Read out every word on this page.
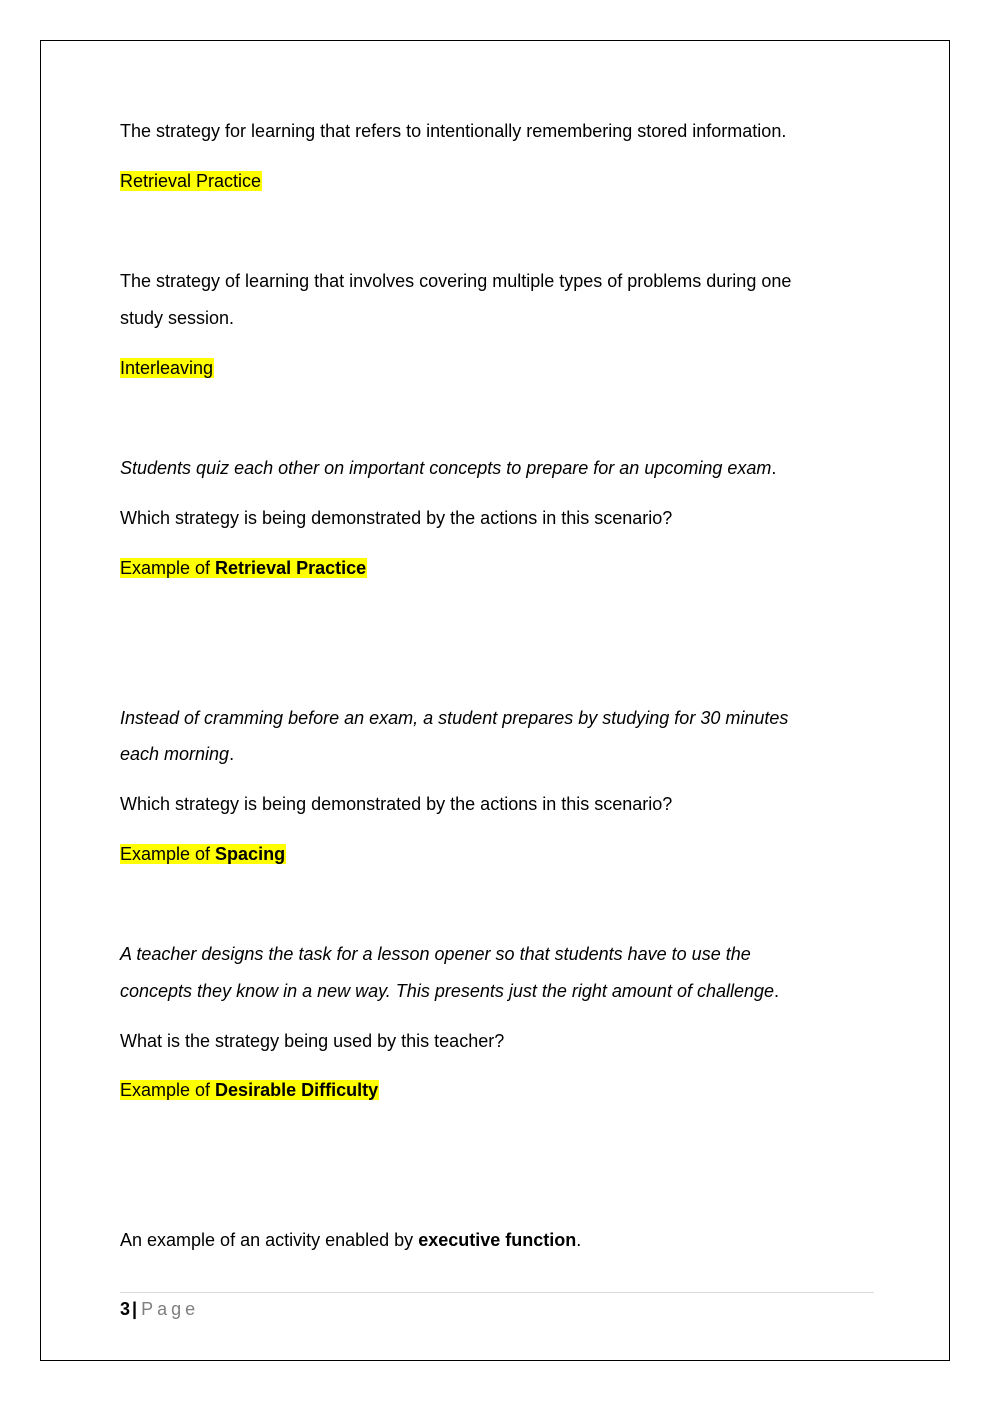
The strategy for learning that refers to intentionally remembering stored information.
Retrieval Practice
The strategy of learning that involves covering multiple types of problems during one
study session.
Interleaving
Students quiz each other on important concepts to prepare for an upcoming exam.
Which strategy is being demonstrated by the actions in this scenario?
Example of Retrieval Practice
Instead of cramming before an exam, a student prepares by studying for 30 minutes
each morning.
Which strategy is being demonstrated by the actions in this scenario?
Example of Spacing
A teacher designs the task for a lesson opener so that students have to use the
concepts they know in a new way. This presents just the right amount of challenge.
What is the strategy being used by this teacher?
Example of Desirable Difficulty
An example of an activity enabled by executive function.
3 | Page
